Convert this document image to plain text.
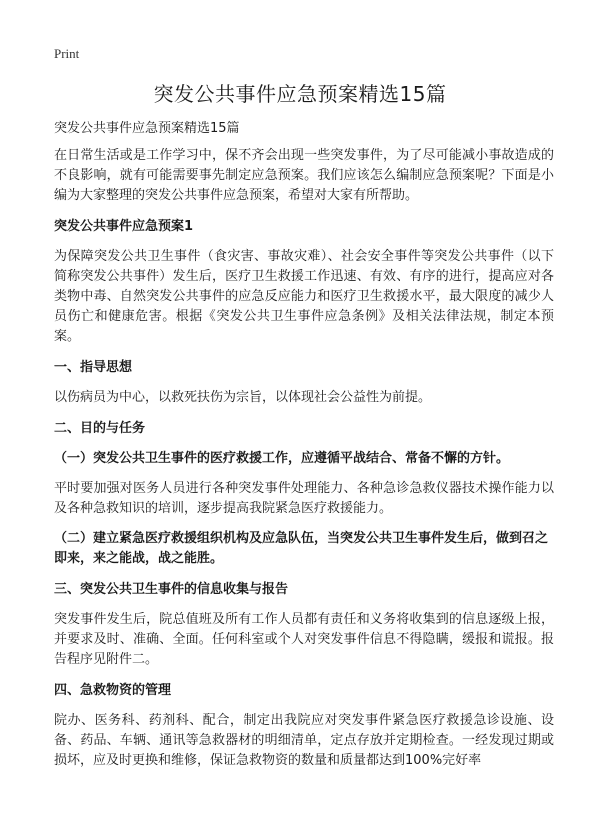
Print
突发公共事件应急预案精选15篇
突发公共事件应急预案精选15篇

在日常生活或是工作学习中，保不齐会出现一些突发事件，为了尽可能减小事故造成的不良影响，就有可能需要事先制定应急预案。我们应该怎么编制应急预案呢？下面是小编为大家整理的突发公共事件应急预案，希望对大家有所帮助。

突发公共事件应急预案1

为保障突发公共卫生事件（食灾害、事故灾难）、社会安全事件等突发公共事件（以下简称突发公共事件）发生后，医疗卫生救援工作迅速、有效、有序的进行，提高应对各类物中毒、自然突发公共事件的应急反应能力和医疗卫生救援水平，最大限度的减少人员伤亡和健康危害。根据《突发公共卫生事件应急条例》及相关法律法规，制定本预案。

一、指导思想

以伤病员为中心，以救死扶伤为宗旨，以体现社会公益性为前提。

二、目的与任务
（一）突发公共卫生事件的医疗救援工作，应遵循平战结合、常备不懈的方针。

平时要加强对医务人员进行各种突发事件处理能力、各种急诊急救仪器技术操作能力以及各种急救知识的培训，逐步提高我院紧急医疗救援能力。

（二）建立紧急医疗救援组织机构及应急队伍，当突发公共卫生事件发生后，做到召之即来，来之能战，战之能胜。
三、突发公共卫生事件的信息收集与报告

突发事件发生后，院总值班及所有工作人员都有责任和义务将收集到的信息逐级上报，并要求及时、准确、全面。任何科室或个人对突发事件信息不得隐瞒，缓报和谎报。报告程序见附件二。

四、急救物资的管理

院办、医务科、药剂科、配合，制定出我院应对突发事件紧急医疗救援急诊设施、设备、药品、车辆、通讯等急救器材的明细清单，定点存放并定期检查。一经发现过期或损坏，应及时更换和维修，保证急救物资的数量和质量都达到100%完好率
